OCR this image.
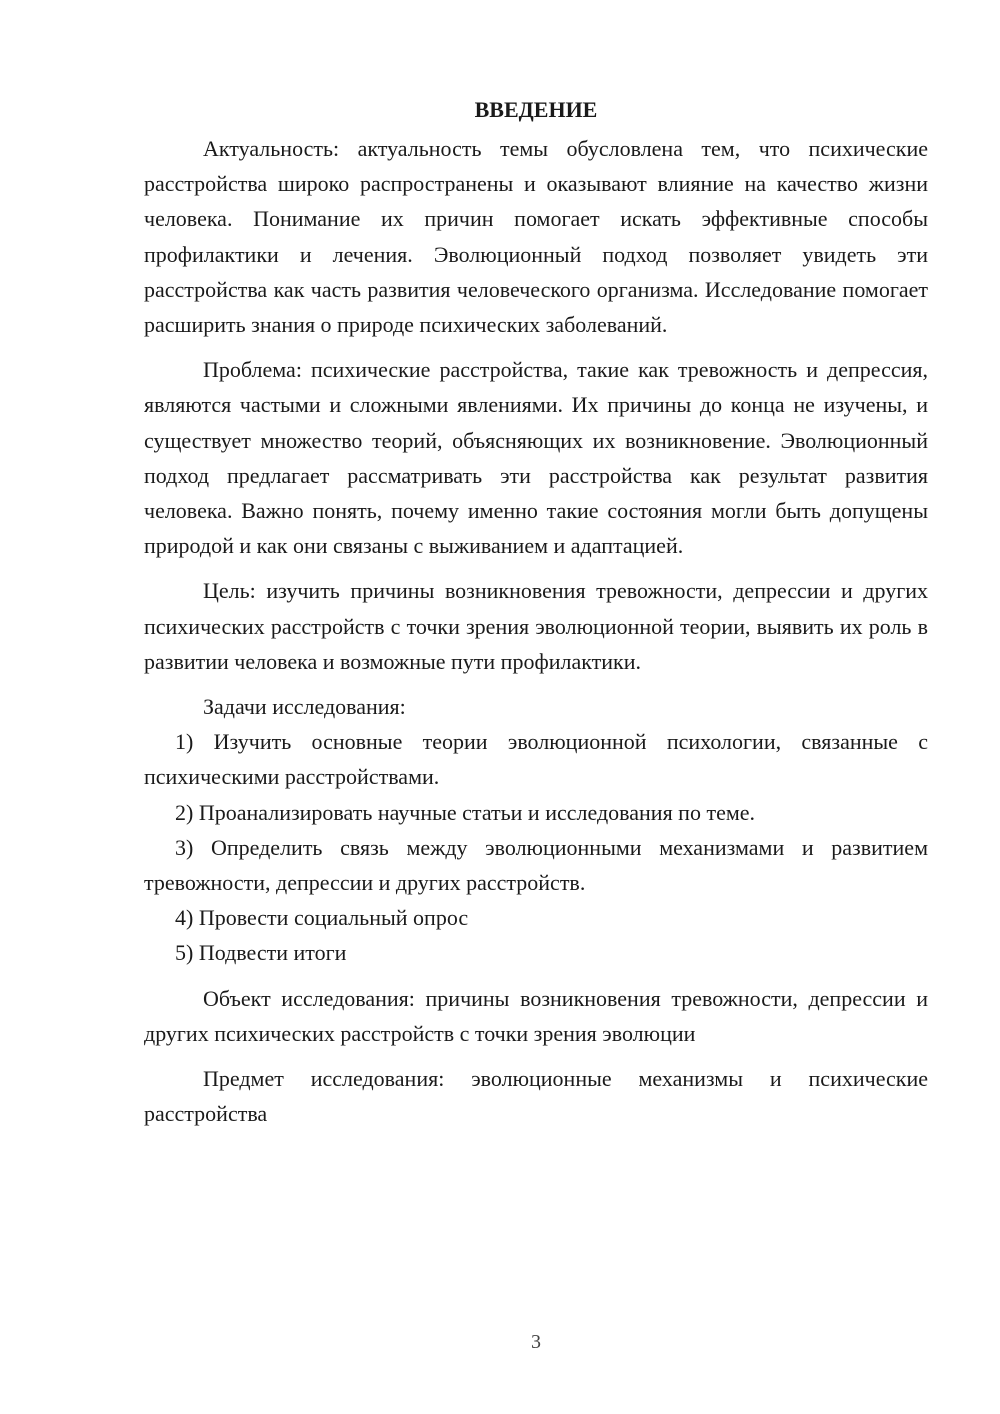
ВВЕДЕНИЕ

Актуальность: актуальность темы обусловлена тем, что психические расстройства широко распространены и оказывают влияние на качество жизни человека. Понимание их причин помогает искать эффективные способы профилактики и лечения. Эволюционный подход позволяет увидеть эти расстройства как часть развития человеческого организма. Исследование помогает расширить знания о природе психических заболеваний.

Проблема: психические расстройства, такие как тревожность и депрессия, являются частыми и сложными явлениями. Их причины до конца не изучены, и существует множество теорий, объясняющих их возникновение. Эволюционный подход предлагает рассматривать эти расстройства как результат развития человека. Важно понять, почему именно такие состояния могли быть допущены природой и как они связаны с выживанием и адаптацией.

Цель: изучить причины возникновения тревожности, депрессии и других психических расстройств с точки зрения эволюционной теории, выявить их роль в развитии человека и возможные пути профилактики.

Задачи исследования:

1) Изучить основные теории эволюционной психологии, связанные с психическими расстройствами.

2) Проанализировать научные статьи и исследования по теме.

3) Определить связь между эволюционными механизмами и развитием тревожности, депрессии и других расстройств.

4) Провести социальный опрос

5) Подвести итоги

Объект исследования: причины возникновения тревожности, депрессии и других психических расстройств с точки зрения эволюции

Предмет исследования: эволюционные механизмы и психические расстройства

3
